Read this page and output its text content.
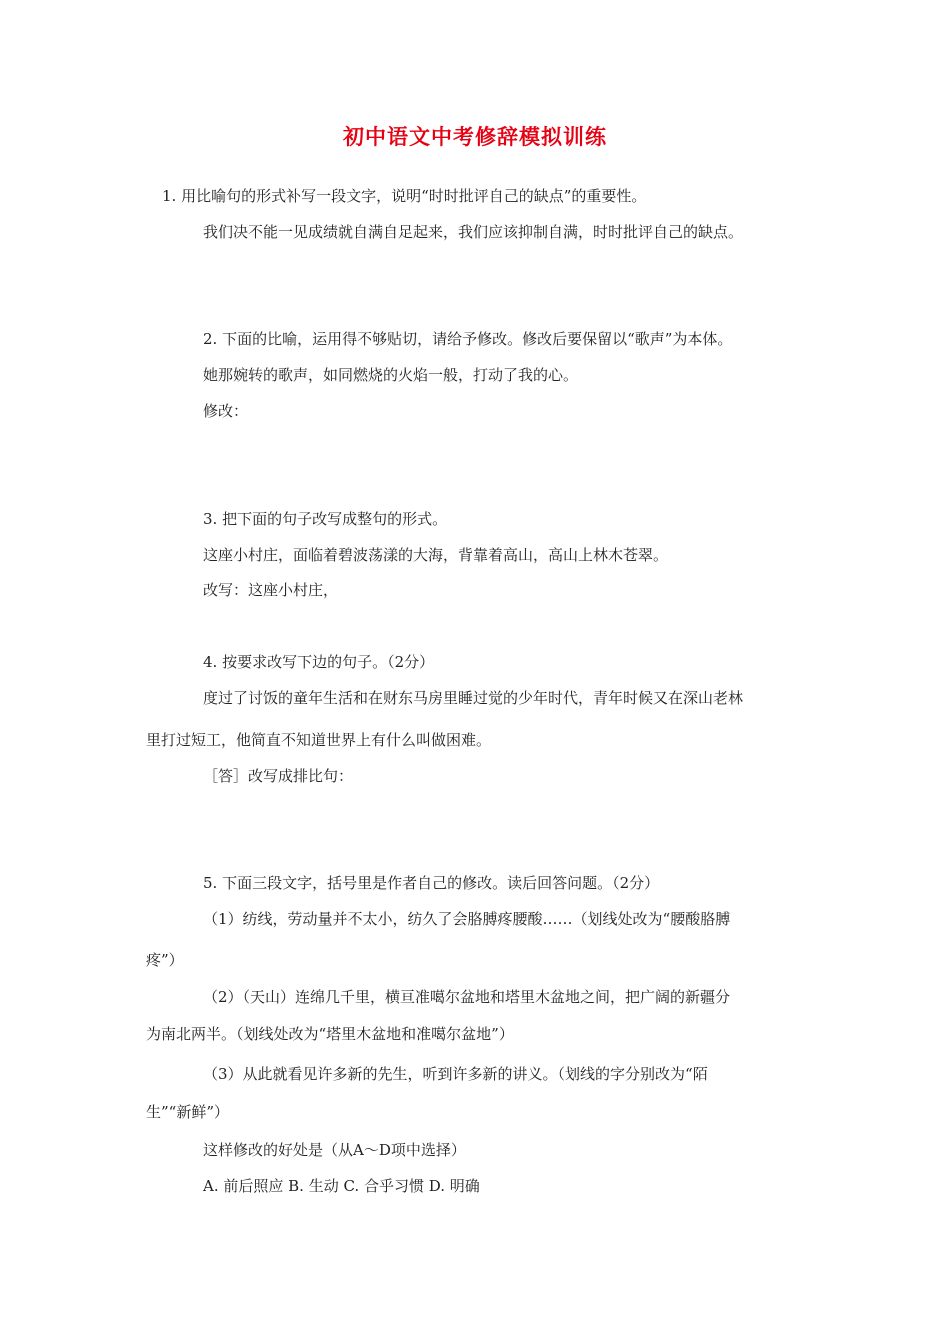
初中语文中考修辞模拟训练
1. 用比喻句的形式补写一段文字，说明“时时批评自己的缺点”的重要性。
我们决不能一见成绩就自满自足起来，我们应该抑制自满，时时批评自己的缺点。
2. 下面的比喻，运用得不够贴切，请给予修改。修改后要保留以“歌声”为本体。
她那婉转的歌声，如同燃烧的火焰一般，打动了我的心。
修改：
3. 把下面的句子改写成整句的形式。
这座小村庄，面临着碧波荡漾的大海，背靠着高山，高山上林木苍翠。
改写：这座小村庄，
4. 按要求改写下边的句子。（2分）
度过了讨饭的童年生活和在财东马房里睡过觉的少年时代，青年时候又在深山老林
里打过短工，他简直不知道世界上有什么叫做困难。
［答］改写成排比句：
5. 下面三段文字，括号里是作者自己的修改。读后回答问题。（2分）
（1）纺线，劳动量并不太小，纺久了会胳膊疼腰酸……（划线处改为“腰酸胳膊
疼”）
（2）（天山）连绵几千里，横亘准噶尔盆地和塔里木盆地之间，把广阔的新疆分
为南北两半。（划线处改为“塔里木盆地和准噶尔盆地”）
（3）从此就看见许多新的先生，听到许多新的讲义。（划线的字分别改为“陌
生”“新鲜”）
这样修改的好处是（从A～D项中选择）
A. 前后照应 B. 生动 C. 合乎习惯 D. 明确
